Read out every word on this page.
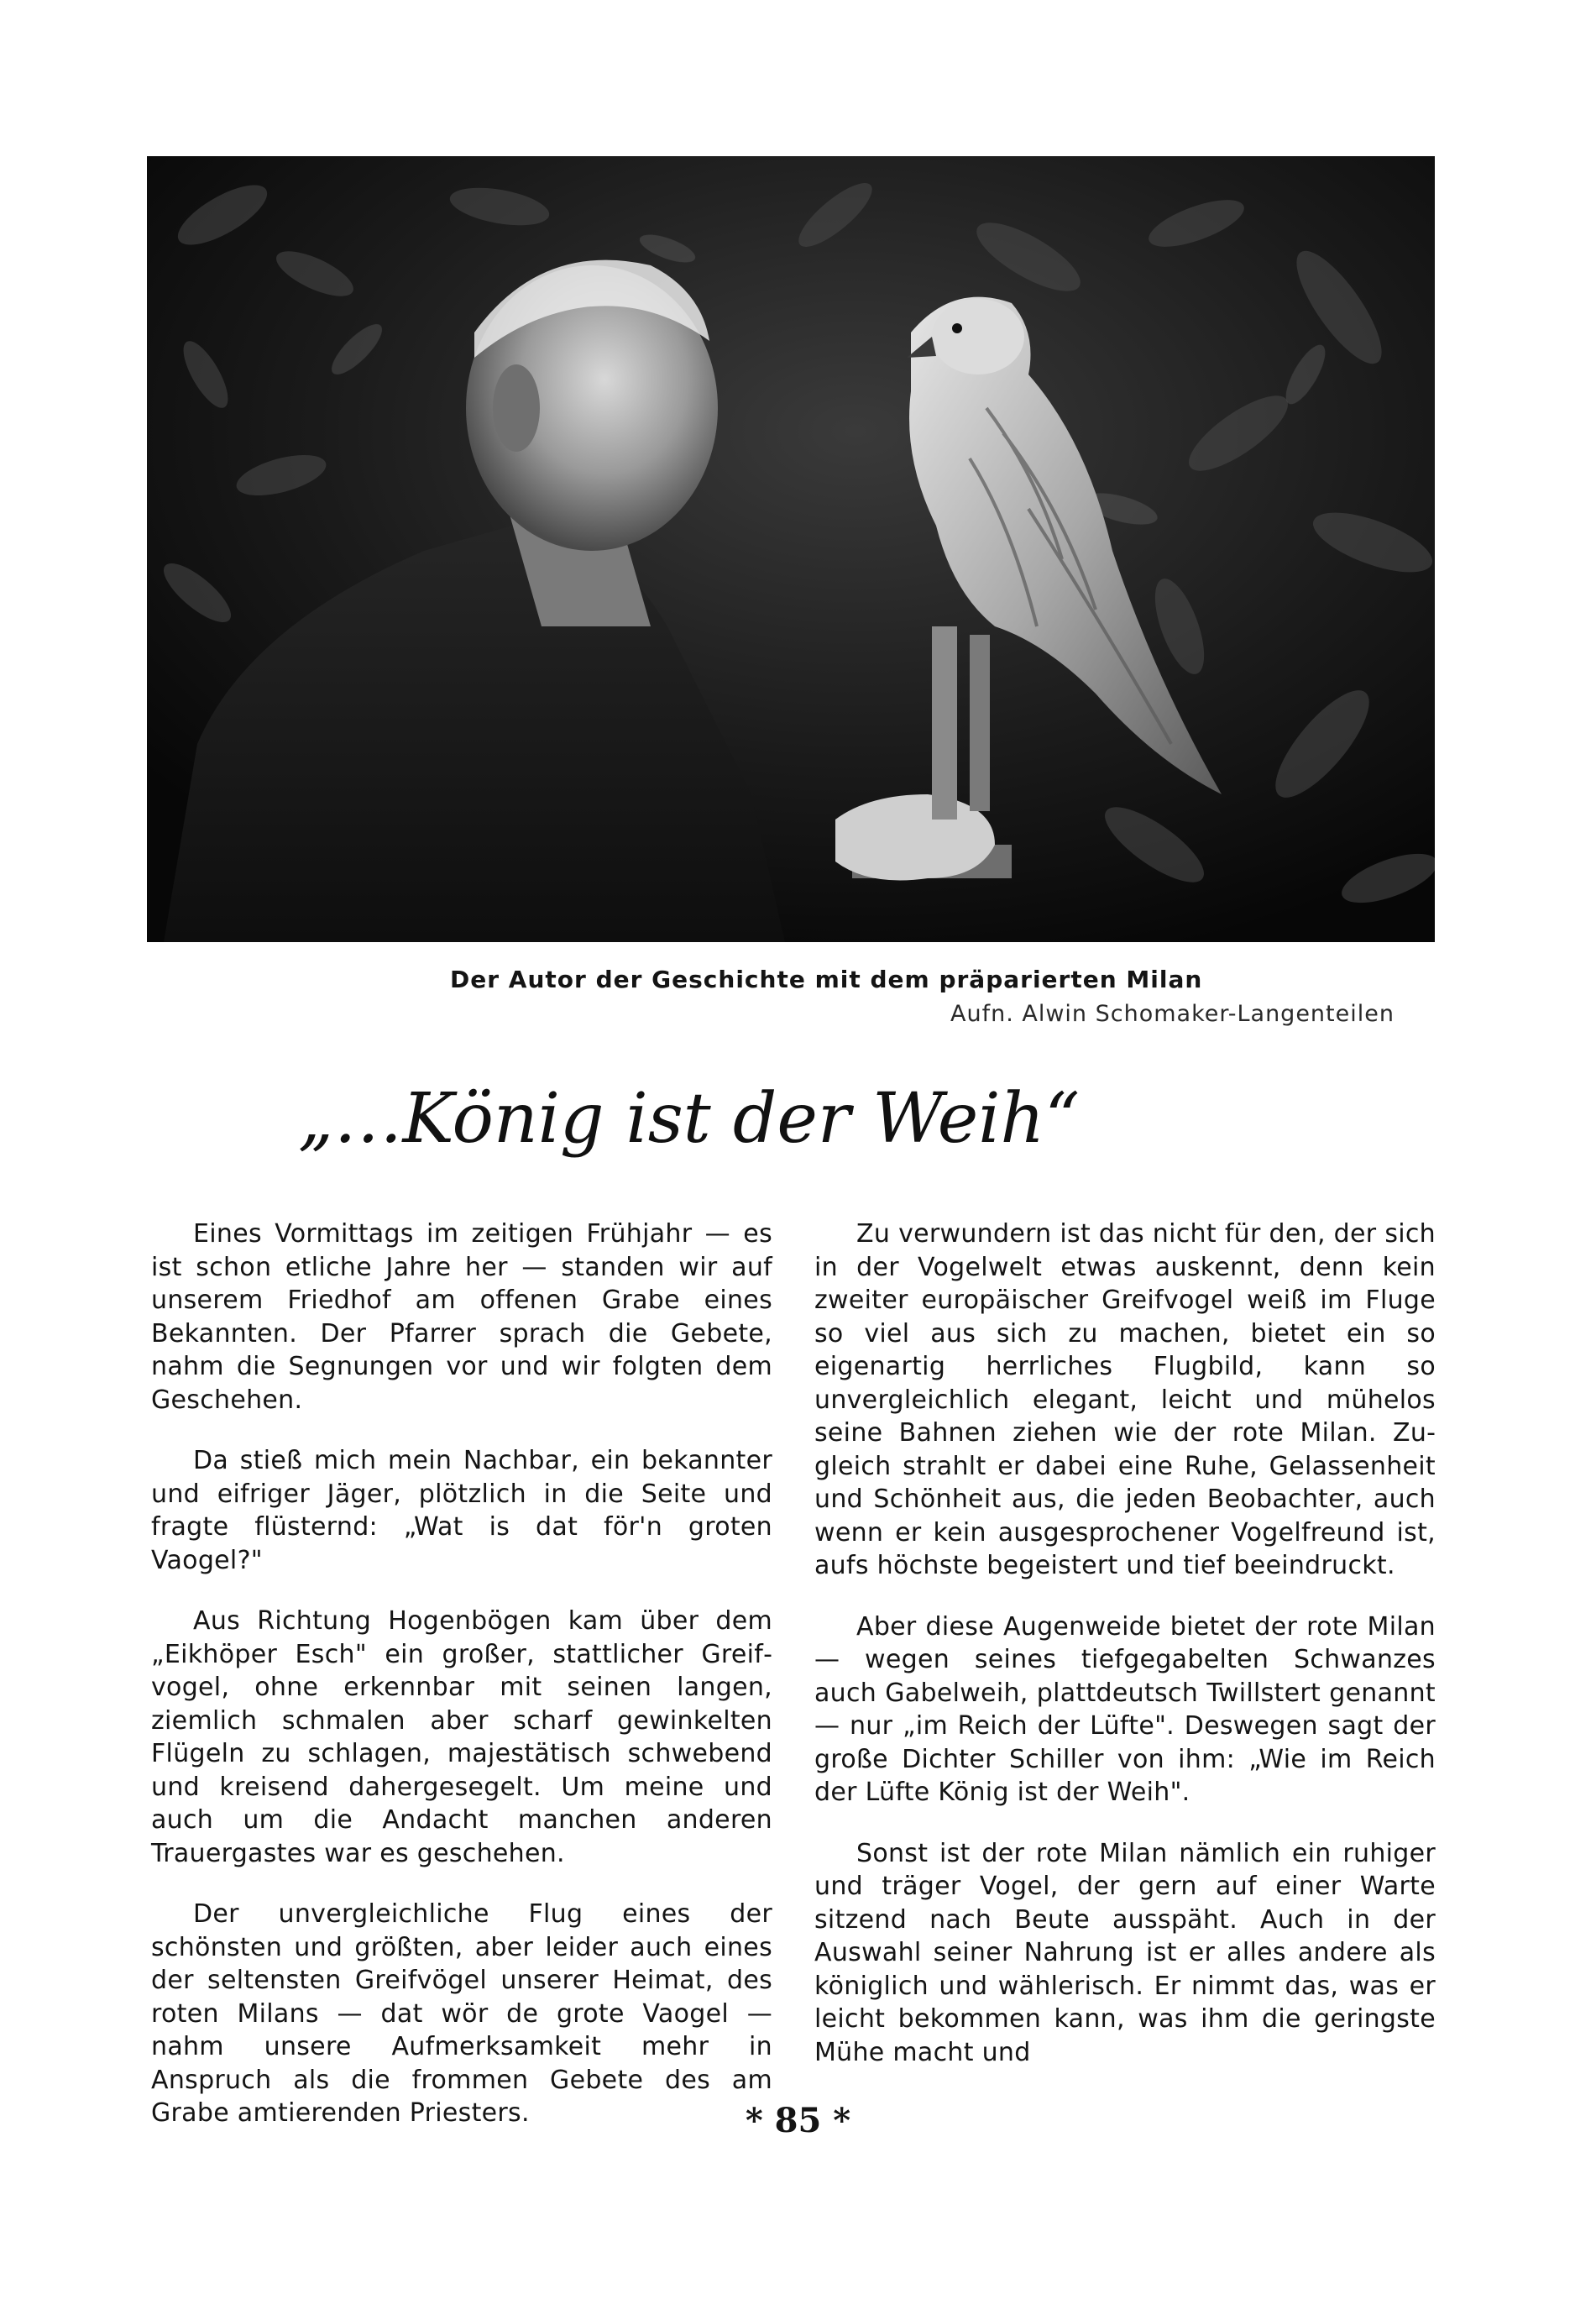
Der Autor der Geschichte mit dem präparierten Milan
Aufn. Alwin Schomaker-Langenteilen
„…König ist der Weih“

Eines Vormittags im zeitigen Frühjahr — es ist schon etliche Jahre her — standen wir auf unserem Friedhof am offenen Grabe eines Bekannten. Der Pfarrer sprach die Gebete, nahm die Segnungen vor und wir folgten dem Geschehen.

Da stieß mich mein Nachbar, ein bekannter und eifriger Jäger, plötzlich in die Seite und fragte flüsternd: „Wat is dat för'n groten Vaogel?"

Aus Richtung Hogenbögen kam über dem „Eikhöper Esch" ein großer, stattlicher Greifvogel, ohne erkennbar mit seinen langen, ziemlich schmalen aber scharf gewinkelten Flügeln zu schlagen, majestätisch schwebend und kreisend dahergesegelt. Um meine und auch um die Andacht manchen anderen Trauergastes war es geschehen.

Der unvergleichliche Flug eines der schönsten und größten, aber leider auch eines der seltensten Greifvögel unserer Heimat, des roten Milans — dat wör de grote Vaogel — nahm unsere Aufmerksamkeit mehr in Anspruch als die frommen Gebete des am Grabe amtierenden Priesters.

Zu verwundern ist das nicht für den, der sich in der Vogelwelt etwas auskennt, denn kein zweiter europäischer Greifvogel weiß im Fluge so viel aus sich zu machen, bietet ein so eigenartig herrliches Flugbild, kann so unvergleichlich elegant, leicht und mühelos seine Bahnen ziehen wie der rote Milan. Zugleich strahlt er dabei eine Ruhe, Gelassenheit und Schönheit aus, die jeden Beobachter, auch wenn er kein ausgesprochener Vogelfreund ist, aufs höchste begeistert und tief beeindruckt.

Aber diese Augenweide bietet der rote Milan — wegen seines tiefgegabelten Schwanzes auch Gabelweih, plattdeutsch Twillstert genannt — nur „im Reich der Lüfte". Deswegen sagt der große Dichter Schiller von ihm: „Wie im Reich der Lüfte König ist der Weih".

Sonst ist der rote Milan nämlich ein ruhiger und träger Vogel, der gern auf einer Warte sitzend nach Beute ausspäht. Auch in der Auswahl seiner Nahrung ist er alles andere als königlich und wählerisch. Er nimmt das, was er leicht bekommen kann, was ihm die geringste Mühe macht und

* 85 *
